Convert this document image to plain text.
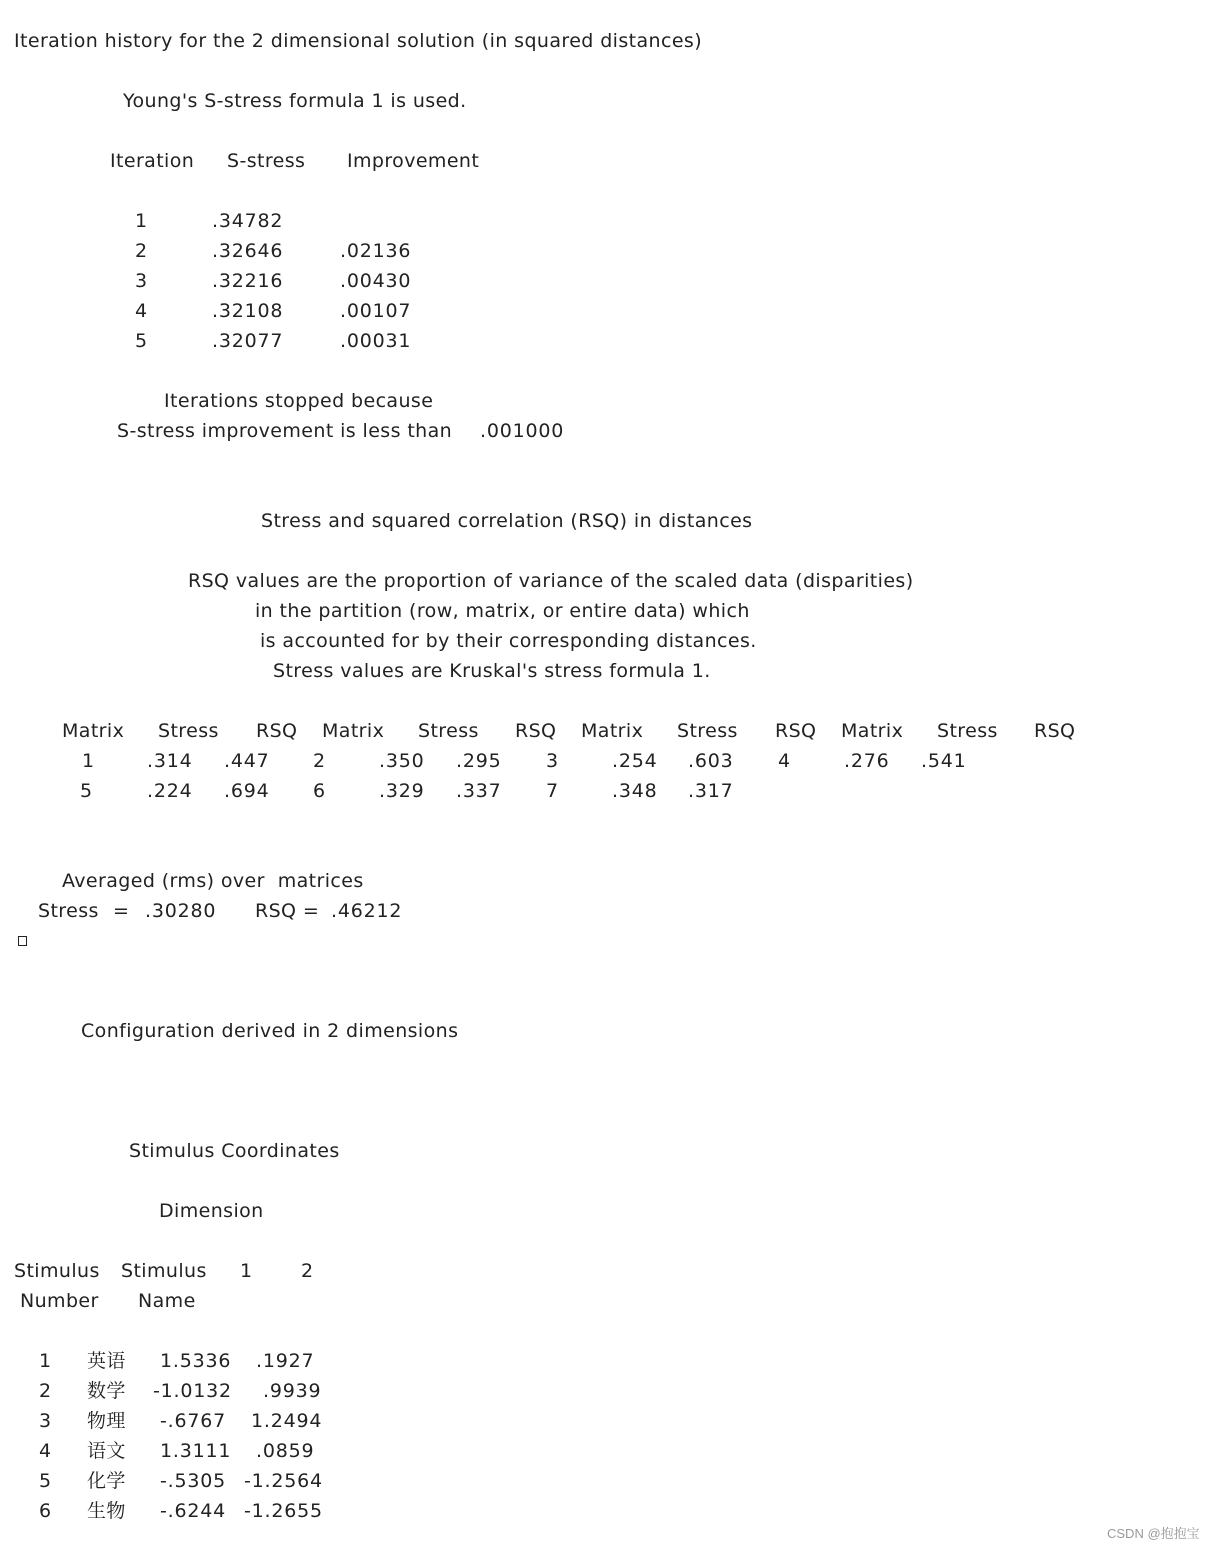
Iteration history for the 2 dimensional solution (in squared distances)
Young's S-stress formula 1 is used.
Iteration S-stress Improvement
1	.34782
2	.32646	.02136
3	.32216	.00430
4	.32108	.00107
5	.32077	.00031
Iterations stopped because
S-stress improvement is less than .001000
Stress and squared correlation (RSQ) in distances
RSQ values are the proportion of variance of the scaled data (disparities)
in the partition (row, matrix, or entire data) which
is accounted for by their corresponding distances.
Stress values are Kruskal's stress formula 1.
Matrix Stress RSQ Matrix Stress RSQ Matrix Stress RSQ Matrix Stress RSQ
1	.314 .447 2	.350 .295 3	.254 .603 4	.276 .541
5	.224 .694 6	.329 .337 7	.348 .317
Averaged (rms) over  matrices
Stress = .30280 RSQ = .46212
Configuration derived in 2 dimensions
Stimulus Coordinates
Dimension
Stimulus Stimulus 1	2
Number Name
1 英语 1.5336 .1927
2 数学 -1.0132 .9939
3 物理 -.6767 1.2494
4 语文 1.3111 .0859
5 化学 -.5305 -1.2564
6 生物 -.6244 -1.2655
CSDN @抱抱宝
